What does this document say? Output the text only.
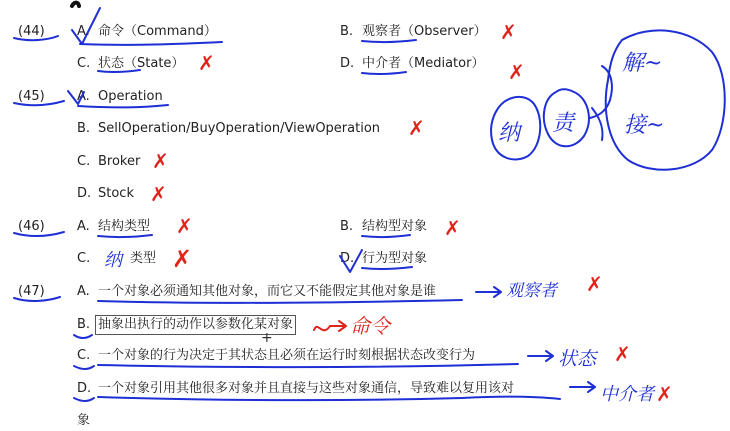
(44) A. 命令（Command）	B. 观察者（Observer）
C. 状态（State）	D. 中介者（Mediator）
(45) A. Operation
B. SellOperation/BuyOperation/ViewOperation
C. Broker
D. Stock
(46) A. 结构类型	B. 结构型对象
C.	类型	D. 行为型对象
(47) A. 一个对象必须通知其他对象，而它又不能假定其他对象是谁
B. 抽象出执行的动作以参数化某对象
C. 一个对象的行为决定于其状态且必须在运行时刻根据状态改变行为
D. 一个对象引用其他很多对象并且直接与这些对象通信，导致难以复用该对
象
+
纳
观察者
命令
状态
中介者
纳 责
解~
接~
✗
✗	✗
✗
✗
✗
✗	✗
✗
✗
✗
✗
